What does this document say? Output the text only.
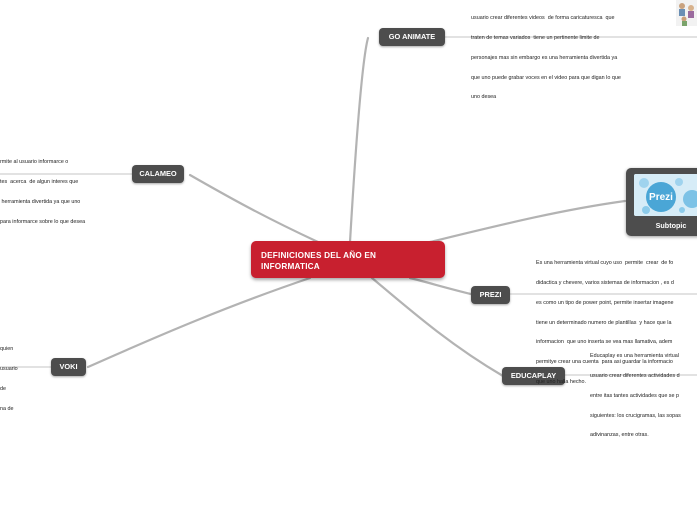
DEFINICIONES DEL AÑO EN
INFORMATICA
GO ANIMATE
CALAMEO
PREZI
EDUCAPLAY
VOKI

usuario crear diferentes videos  de forma caricaturesca  que

traten de temas variados  tiene un pertinente limite de

personajes mas sin embargo es una herramienta divertida ya

que uno puede grabar voces en el video para que digan lo que

uno desea

rmite al usuario informarce o

tes  acerca  de algun interes que

herramienta divertida ya que uno

para informarce sobre lo que desea

Es una herramienta virtual cuyo uso  permite  crear  de fo

didactica y chevere, varios sistemas de informacion , es d

es como un tipo de power point, permite insertar imagene

tiene un determinado numero de plantillas  y hace que la

informacion  que uno inserta se vea mas llamativa, adem

permitye crear una cuenta  para asi guardar la informacio

que uno halla hecho.

Educaplay es una herramienta virtual

usuario crear diferentes actividades d

entre itas tantes actividades que se p

siguientes: los crucigramas, las sopas

adivinanzas, entre otras.

quien

usuario

de

na de

Prezi
Subtopic
